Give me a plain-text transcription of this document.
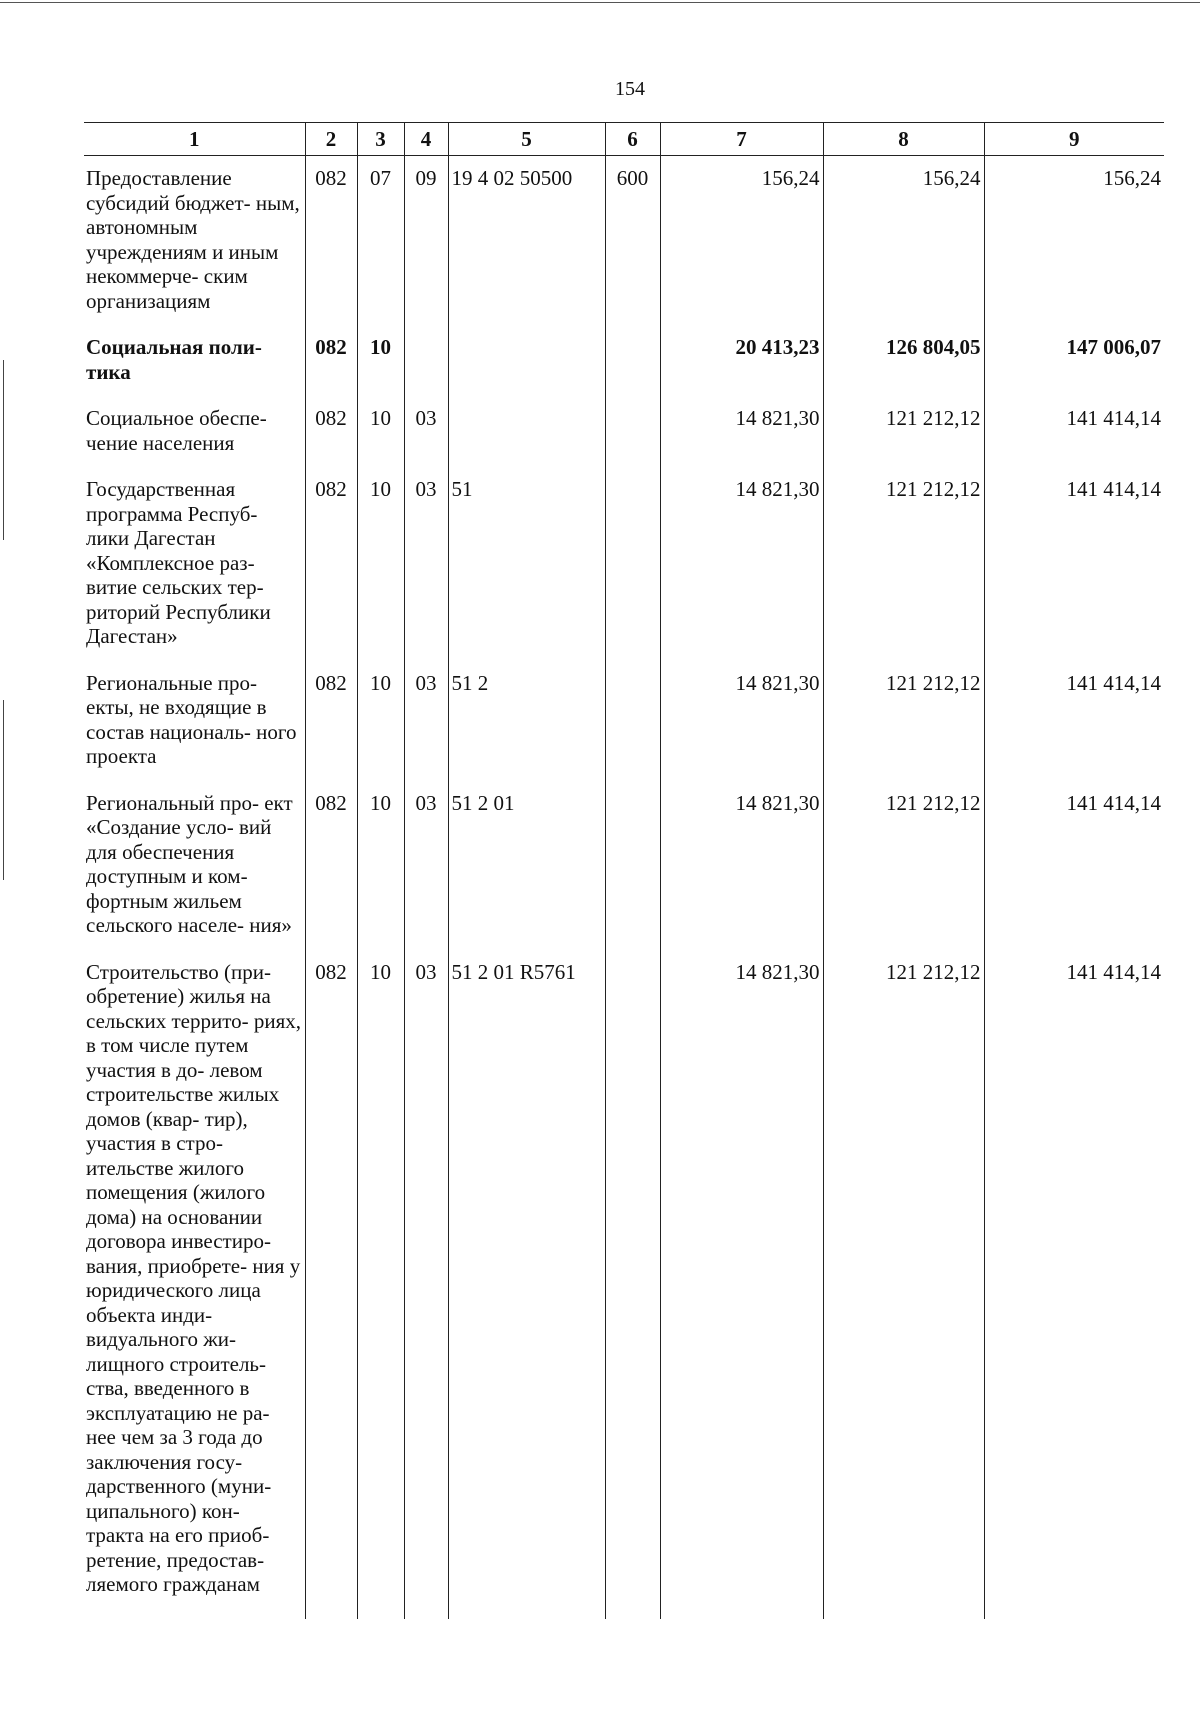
154
1	2	3	4	5	6	7	8	9
Предоставление субсидий бюджет- ным, автономным учреждениям и иным некоммерче- ским организациям	082	07	09	19 4 02 50500	600	156,24	156,24	156,24
Социальная поли- тика	082	10				20 413,23	126 804,05	147 006,07
Социальное обеспе- чение населения	082	10	03			14 821,30	121 212,12	141 414,14
Государственная программа Респуб- лики Дагестан «Комплексное раз- витие сельских тер- риторий Республики Дагестан»	082	10	03	51		14 821,30	121 212,12	141 414,14
Региональные про- екты, не входящие в состав националь- ного проекта	082	10	03	51 2		14 821,30	121 212,12	141 414,14
Региональный про- ект «Создание усло- вий для обеспечения доступным и ком- фортным жильем сельского населе- ния»	082	10	03	51 2 01		14 821,30	121 212,12	141 414,14
Строительство (при- обретение) жилья на сельских террито- риях, в том числе путем участия в до- левом строительстве жилых домов (квар- тир), участия в стро- ительстве жилого помещения (жилого дома) на основании договора инвестиро- вания, приобрете- ния у юридического лица объекта инди- видуального жи- лищного строитель- ства, введенного в эксплуатацию не ра- нее чем за 3 года до заключения госу- дарственного (муни- ципального) кон- тракта на его приоб- ретение, предостав- ляемого гражданам	082	10	03	51 2 01 R5761		14 821,30	121 212,12	141 414,14
